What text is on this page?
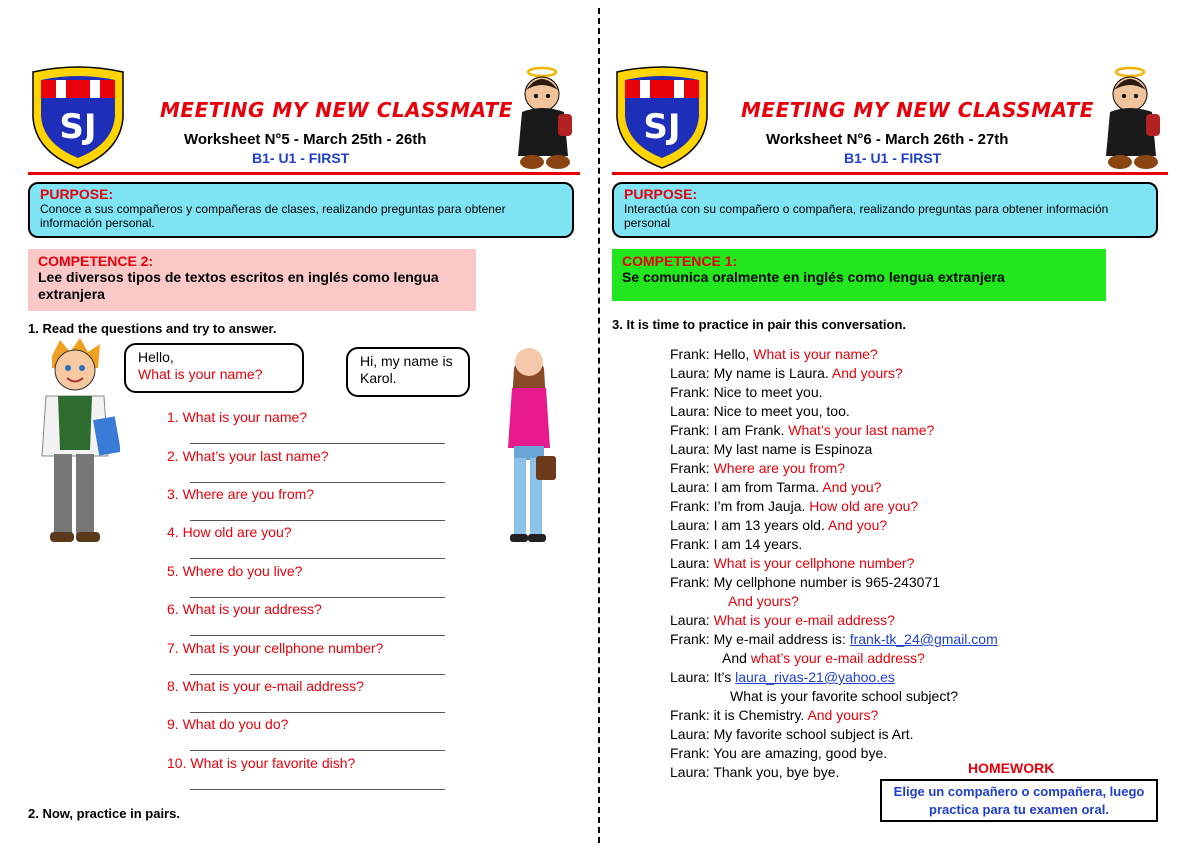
SJ	MEETING MY NEW CLASSMATE
Worksheet N°5 - March 25th - 26th
B1- U1 - FIRST
PURPOSE:
Conoce a sus compañeros y compañeras de clases, realizando preguntas para obtener información personal.
COMPETENCE 2:
Lee diversos tipos de textos escritos en inglés como lengua extranjera
1. Read the questions and try to answer.
Hello,
What is your name?
Hi, my name is Karol.
1. What is your name?
2. What’s your last name?
3. Where are you from?
4. How old are you?
5. Where do you live?
6. What is your address?
7. What is your cellphone number?
8. What is your e-mail address?
9. What do you do?
10. What is your favorite dish?
2. Now, practice in pairs.
SJ	MEETING MY NEW CLASSMATE
Worksheet N°6 - March 26th - 27th
B1- U1 - FIRST
PURPOSE:
Interactúa con su compañero o compañera, realizando preguntas para obtener información personal
COMPETENCE 1:
Se comunica oralmente en inglés como lengua extranjera
3. It is time to practice in pair this conversation.
Frank: Hello, What is your name?
Laura: My name is Laura. And yours?
Frank: Nice to meet you.
Laura: Nice to meet you, too.
Frank: I am Frank. What’s your last name?
Laura: My last name is Espinoza
Frank: Where are you from?
Laura: I am from Tarma. And you?
Frank: I’m from Jauja. How old are you?
Laura: I am 13 years old. And you?
Frank: I am 14 years.
Laura: What is your cellphone number?
Frank: My cellphone number is 965-243071
And yours?
Laura: What is your e-mail address?
Frank: My e-mail address is: frank-tk_24@gmail.com
And what’s your e-mail address?
Laura: It’s laura_rivas-21@yahoo.es
What is your favorite school subject?
Frank: it is Chemistry. And yours?
Laura: My favorite school subject is Art.
Frank: You are amazing, good bye.
Laura: Thank you, bye bye.	HOMEWORK
Elige un compañero o compañera, luego practica para tu examen oral.
